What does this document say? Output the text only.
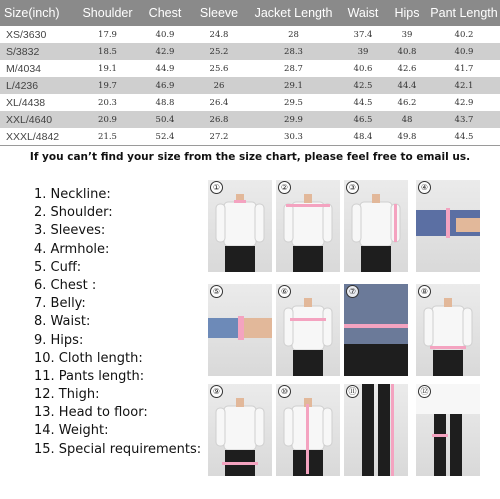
Size(inch)	Shoulder	Chest	Sleeve	Jacket Length	Waist	Hips	Pant Length
XS/3630	17.9	40.9	24.8	28	37.4	39	40.2
S/3832	18.5	42.9	25.2	28.3	39	40.8	40.9
M/4034	19.1	44.9	25.6	28.7	40.6	42.6	41.7
L/4236	19.7	46.9	26	29.1	42.5	44.4	42.1
XL/4438	20.3	48.8	26.4	29.5	44.5	46.2	42.9
XXL/4640	20.9	50.4	26.8	29.9	46.5	48	43.7
XXXL/4842	21.5	52.4	27.2	30.3	48.4	49.8	44.5
If you can’t find your size from the size chart, please feel free to email us.
1. Neckline:
2. Shoulder:
3. Sleeves:
4. Armhole:
5. Cuff:
6. Chest :
7. Belly:
8. Waist:
9. Hips:
10. Cloth length:
11. Pants length:
12. Thigh:
13. Head to floor:
14. Weight:
15. Special requirements:
①	②	③	④
⑤	⑥	⑦	⑧
⑨	⑩	⑪	⑫
